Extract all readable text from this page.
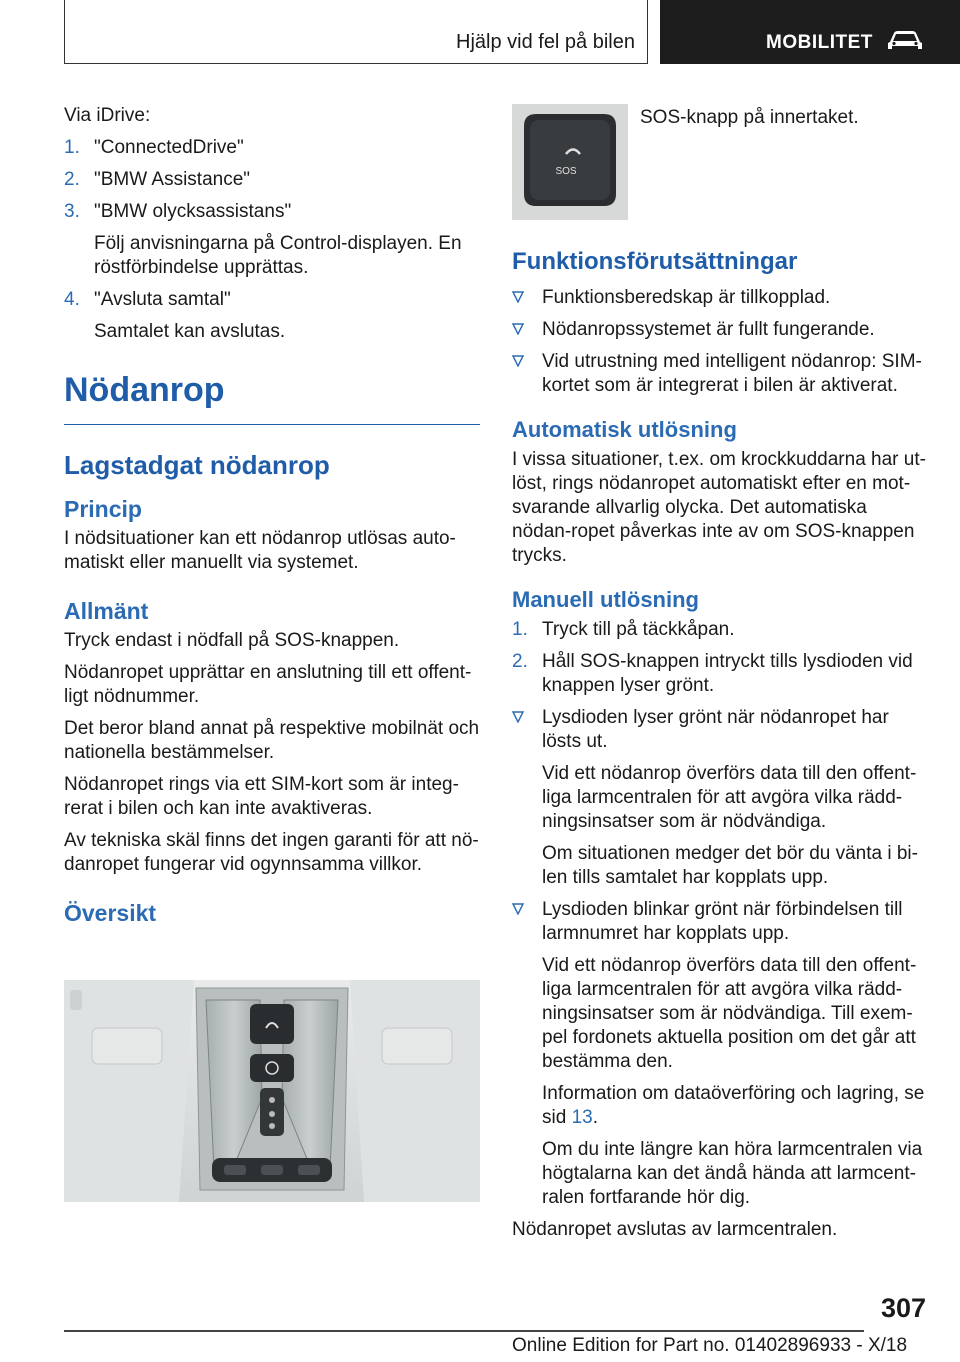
Hjälp vid fel på bilen	MOBILITET

Via iDrive:

1. "ConnectedDrive"
2. "BMW Assistance"
3. "BMW olycksassistans"
Följ anvisningarna på Control-displayen. En röstförbindelse upprättas.
4. "Avsluta samtal"
Samtalet kan avslutas.
Nödanrop
Lagstadgat nödanrop
Princip

I nödsituationer kan ett nödanrop utlösas auto-matiskt eller manuellt via systemet.

Allmänt

Tryck endast i nödfall på SOS-knappen.

Nödanropet upprättar en anslutning till ett offent-ligt nödnummer.

Det beror bland annat på respektive mobilnät och nationella bestämmelser.

Nödanropet rings via ett SIM-kort som är integ-rerat i bilen och kan inte avaktiveras.

Av tekniska skäl finns det ingen garanti för att nö-danropet fungerar vid ogynnsamma villkor.

Översikt
SOS
SOS-knapp på innertaket.
Funktionsförutsättningar
Funktionsberedskap är tillkopplad.
Nödanropssystemet är fullt fungerande.
Vid utrustning med intelligent nödanrop: SIM-kortet som är integrerat i bilen är aktiverat.
Automatisk utlösning

I vissa situationer, t.ex. om krockkuddarna har ut-löst, rings nödanropet automatiskt efter en mot-svarande allvarlig olycka. Det automatiska nödan-ropet påverkas inte av om SOS-knappen trycks.

Manuell utlösning
1. Tryck till på täckkåpan.
2. Håll SOS-knappen intryckt tills lysdioden vid knappen lyser grönt.
Lysdioden lyser grönt när nödanropet har lösts ut.
Vid ett nödanrop överförs data till den offent-liga larmcentralen för att avgöra vilka rädd-ningsinsatser som är nödvändiga.
Om situationen medger det bör du vänta i bi-len tills samtalet har kopplats upp.
Lysdioden blinkar grönt när förbindelsen till larmnumret har kopplats upp.
Vid ett nödanrop överförs data till den offent-liga larmcentralen för att avgöra vilka rädd-ningsinsatser som är nödvändiga. Till exem-pel fordonets aktuella position om det går att bestämma den.
Information om dataöverföring och lagring, se sid 13.
Om du inte längre kan höra larmcentralen via högtalarna kan det ändå hända att larmcent-ralen fortfarande hör dig.

Nödanropet avslutas av larmcentralen.

307
Online Edition for Part no. 01402896933 - X/18
